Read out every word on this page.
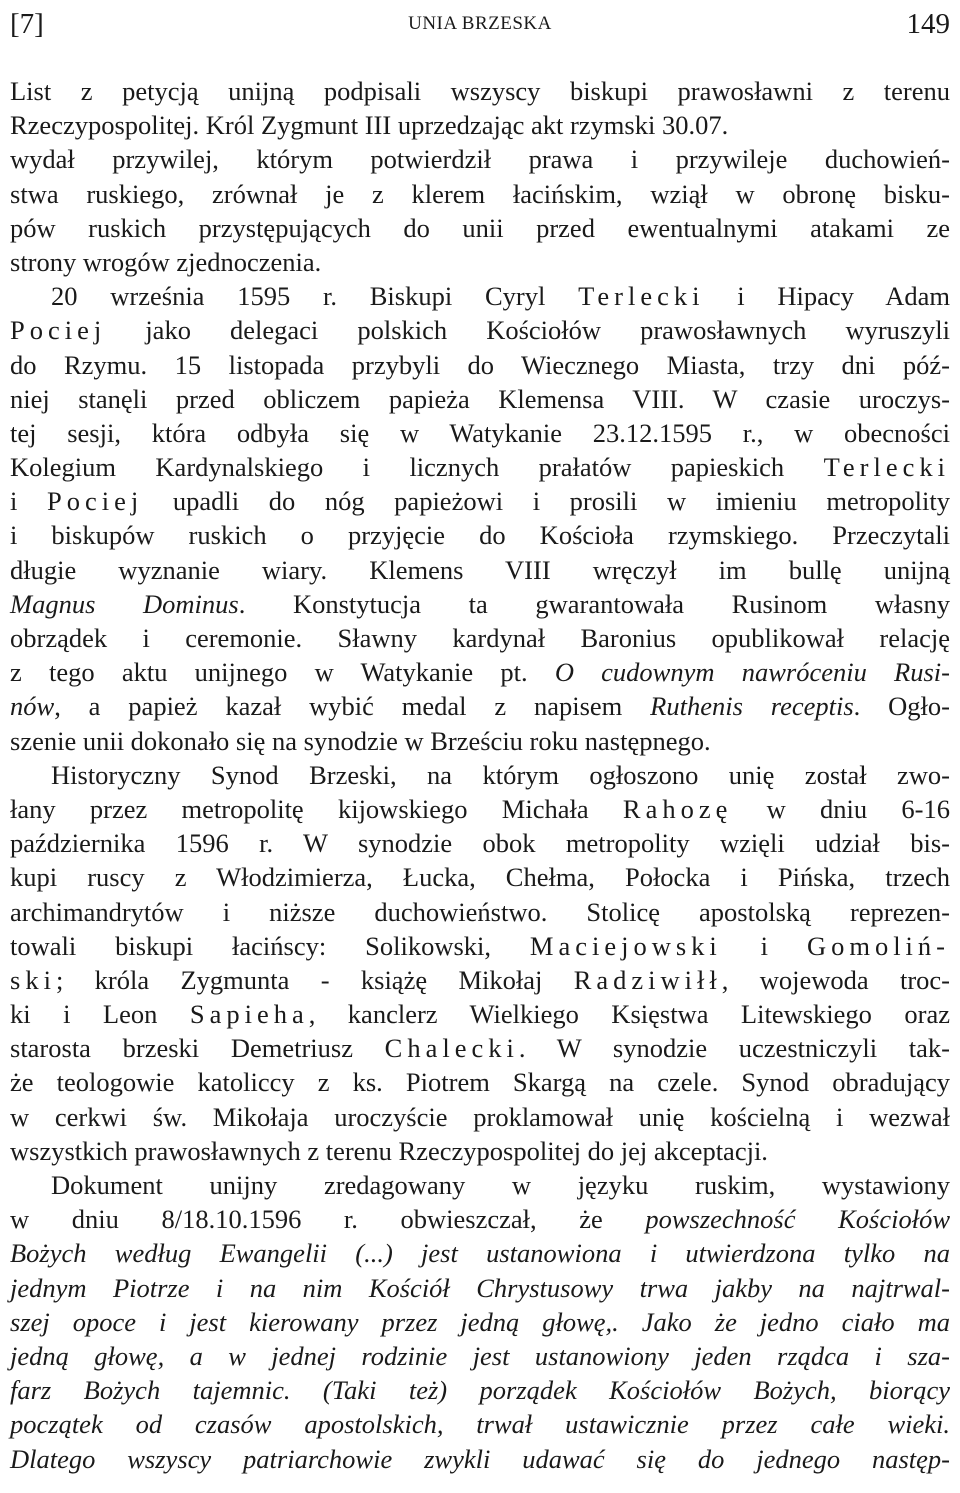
[7]	UNIA BRZESKA	149
List z petycją unijną podpisali wszyscy biskupi prawosławni z terenu
Rzeczypospolitej. Król Zygmunt III uprzedzając akt rzymski 30.07.
wydał przywilej, którym potwierdził prawa i przywileje duchowień-
stwa ruskiego, zrównał je z klerem łacińskim, wziął w obronę bisku-
pów ruskich przystępujących do unii przed ewentualnymi atakami ze
strony wrogów zjednoczenia.
20 września 1595 r. Biskupi Cyryl Terlecki i Hipacy Adam
Pociej jako delegaci polskich Kościołów prawosławnych wyruszyli
do Rzymu. 15 listopada przybyli do Wiecznego Miasta, trzy dni póź-
niej stanęli przed obliczem papieża Klemensa VIII. W czasie uroczys-
tej sesji, która odbyła się w Watykanie 23.12.1595 r., w obecności
Kolegium Kardynalskiego i licznych prałatów papieskich Terlecki
i Pociej upadli do nóg papieżowi i prosili w imieniu metropolity
i biskupów ruskich o przyjęcie do Kościoła rzymskiego. Przeczytali
długie wyznanie wiary. Klemens VIII wręczył im bullę unijną
Magnus Dominus. Konstytucja ta gwarantowała Rusinom własny
obrządek i ceremonie. Sławny kardynał Baronius opublikował relację
z tego aktu unijnego w Watykanie pt. O cudownym nawróceniu Rusi-
nów, a papież kazał wybić medal z napisem Ruthenis receptis. Ogło-
szenie unii dokonało się na synodzie w Brześciu roku następnego.
Historyczny Synod Brzeski, na którym ogłoszono unię został zwo-
łany przez metropolitę kijowskiego Michała Rahozę w dniu 6-16
października 1596 r. W synodzie obok metropolity wzięli udział bis-
kupi ruscy z Włodzimierza, Łucka, Chełma, Połocka i Pińska, trzech
archimandrytów i niższe duchowieństwo. Stolicę apostolską reprezen-
towali biskupi łacińscy: Solikowski, Maciejowski i Gomoliń-
ski; króla Zygmunta - książę Mikołaj Radziwiłł, wojewoda troc-
ki i Leon Sapieha, kanclerz Wielkiego Księstwa Litewskiego oraz
starosta brzeski Demetriusz Chalecki. W synodzie uczestniczyli tak-
że teologowie katoliccy z ks. Piotrem Skargą na czele. Synod obradujący
w cerkwi św. Mikołaja uroczyście proklamował unię kościelną i wezwał
wszystkich prawosławnych z terenu Rzeczypospolitej do jej akceptacji.
Dokument unijny zredagowany w języku ruskim, wystawiony
w dniu 8/18.10.1596 r. obwieszczał, że powszechność Kościołów
Bożych według Ewangelii (...) jest ustanowiona i utwierdzona tylko na
jednym Piotrze i na nim Kościół Chrystusowy trwa jakby na najtrwal-
szej opoce i jest kierowany przez jedną głowę,. Jako że jedno ciało ma
jedną głowę, a w jednej rodzinie jest ustanowiony jeden rządca i sza-
farz Bożych tajemnic. (Taki też) porządek Kościołów Bożych, biorący
początek od czasów apostolskich, trwał ustawicznie przez całe wieki.
Dlatego wszyscy patriarchowie zwykli udawać się do jednego następ-
